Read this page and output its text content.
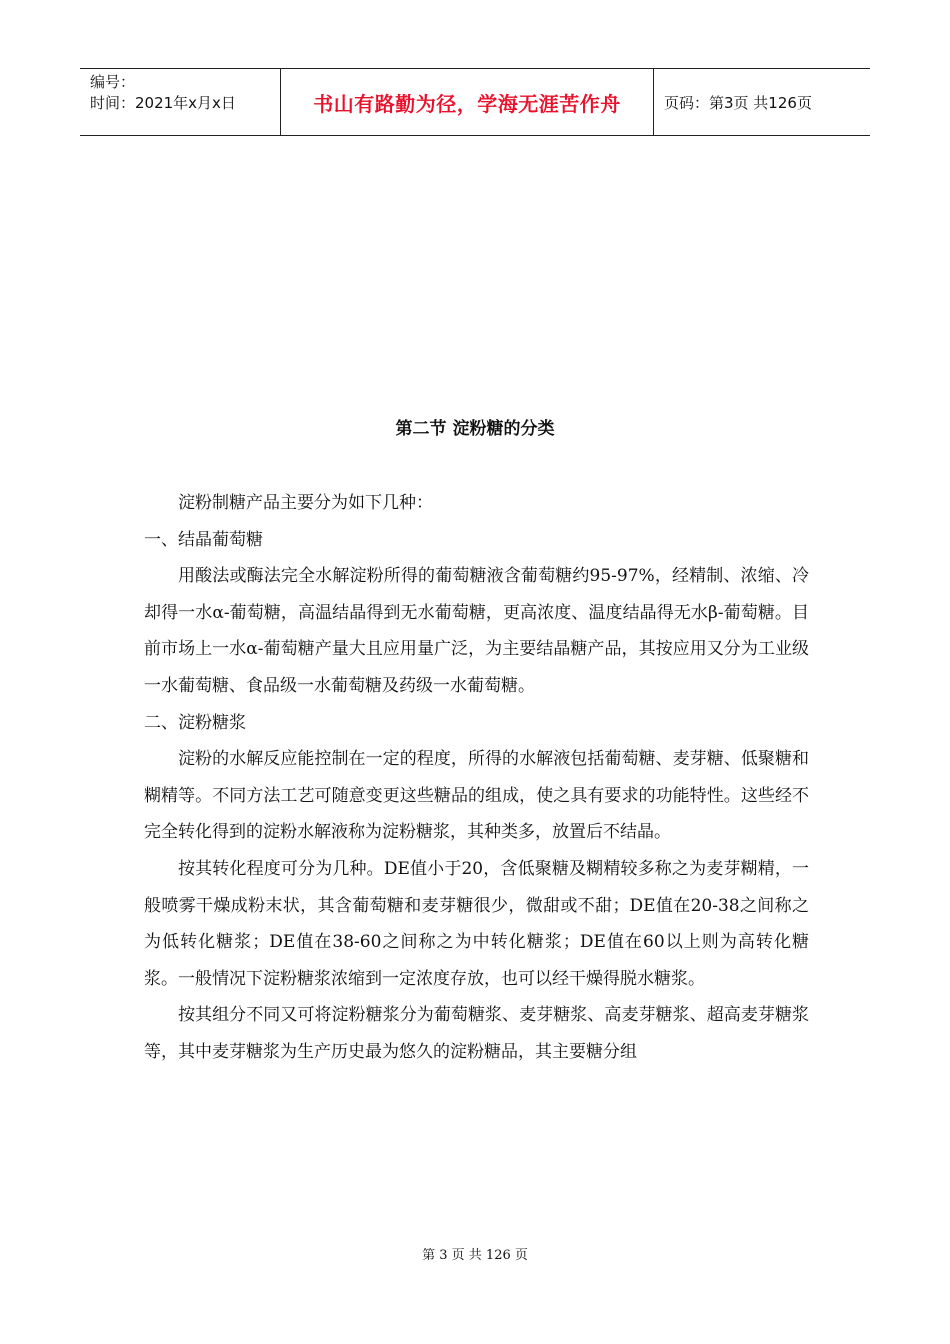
编号：
时间：2021年x月x日	书山有路勤为径，学海无涯苦作舟	页码：第3页 共126页
第二节 淀粉糖的分类

淀粉制糖产品主要分为如下几种：

一、结晶葡萄糖

用酸法或酶法完全水解淀粉所得的葡萄糖液含葡萄糖约95-97%，经精制、浓缩、冷却得一水α-葡萄糖，高温结晶得到无水葡萄糖，更高浓度、温度结晶得无水β-葡萄糖。目前市场上一水α-葡萄糖产量大且应用量广泛，为主要结晶糖产品，其按应用又分为工业级一水葡萄糖、食品级一水葡萄糖及药级一水葡萄糖。

二、淀粉糖浆

淀粉的水解反应能控制在一定的程度，所得的水解液包括葡萄糖、麦芽糖、低聚糖和糊精等。不同方法工艺可随意变更这些糖品的组成，使之具有要求的功能特性。这些经不完全转化得到的淀粉水解液称为淀粉糖浆，其种类多，放置后不结晶。

按其转化程度可分为几种。DE值小于20，含低聚糖及糊精较多称之为麦芽糊精，一般喷雾干燥成粉末状，其含葡萄糖和麦芽糖很少，微甜或不甜；DE值在20-38之间称之为低转化糖浆；DE值在38-60之间称之为中转化糖浆；DE值在60以上则为高转化糖浆。一般情况下淀粉糖浆浓缩到一定浓度存放，也可以经干燥得脱水糖浆。

按其组分不同又可将淀粉糖浆分为葡萄糖浆、麦芽糖浆、高麦芽糖浆、超高麦芽糖浆等，其中麦芽糖浆为生产历史最为悠久的淀粉糖品，其主要糖分组

第 3 页 共 126 页
